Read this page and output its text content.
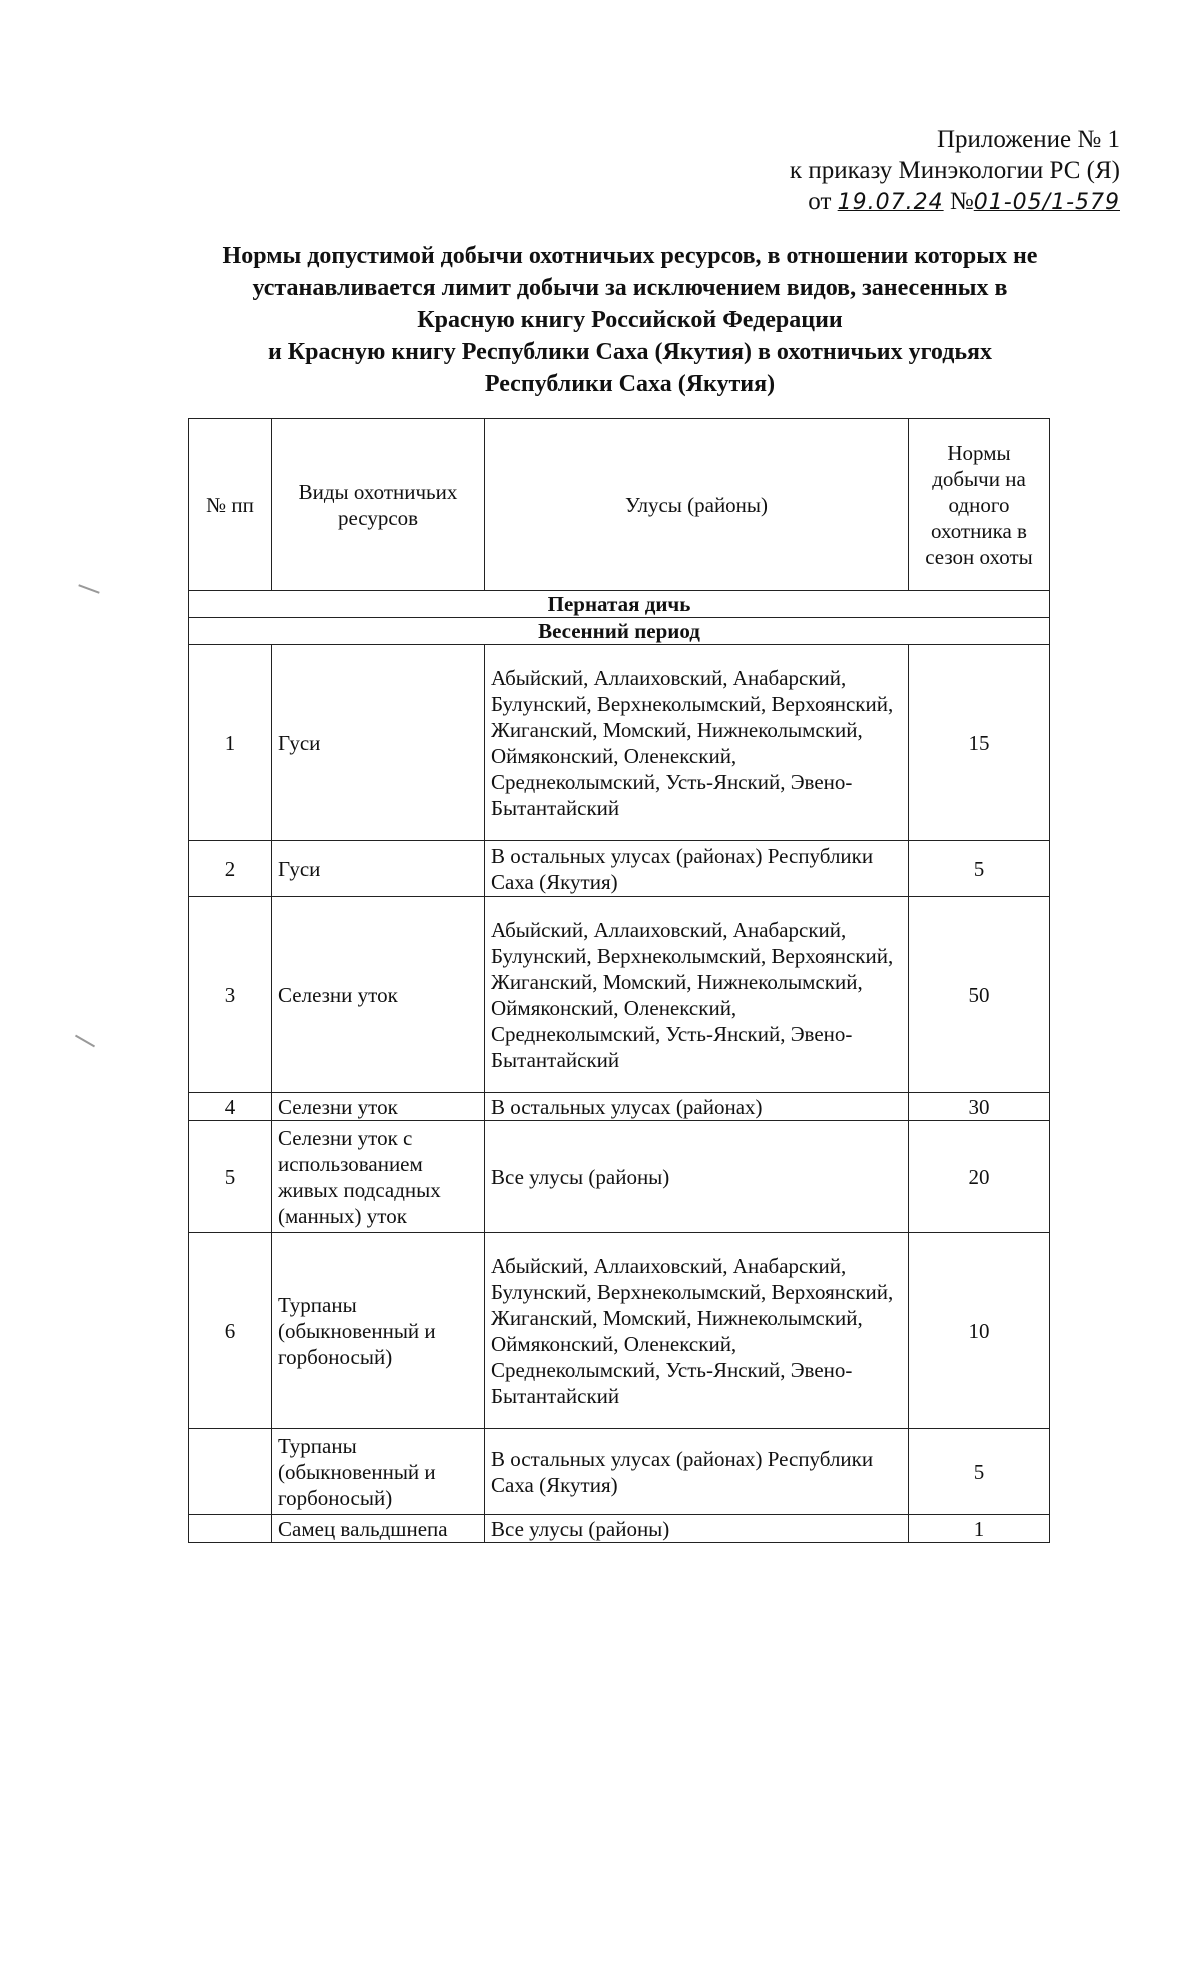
Приложение № 1
к приказу Минэкологии РС (Я)
от 19.07.24 №01-05/1-579
Нормы допустимой добычи охотничьих ресурсов, в отношении которых не
устанавливается лимит добычи за исключением видов, занесенных в
Красную книгу Российской Федерации
и Красную книгу Республики Саха (Якутия) в охотничьих угодьях
Республики Саха (Якутия)
№ пп	Виды охотничьих ресурсов	Улусы (районы)	Нормы добычи на одного охотника в сезон охоты
Пернатая дичь			
Весенний период			
1	Гуси	Абыйский, Аллаиховский, Анабарский, Булунский, Верхнеколымский, Верхоянский, Жиганский, Момский, Нижнеколымский, Оймяконский, Оленекский, Среднеколымский, Усть-Янский, Эвено-Бытантайский	15
2	Гуси	В остальных улусах (районах) Республики Саха (Якутия)	5
3	Селезни уток	Абыйский, Аллаиховский, Анабарский, Булунский, Верхнеколымский, Верхоянский, Жиганский, Момский, Нижнеколымский, Оймяконский, Оленекский, Среднеколымский, Усть-Янский, Эвено-Бытантайский	50
4	Селезни уток	В остальных улусах (районах)	30
5	Селезни уток с использованием живых подсадных (манных) уток	Все улусы (районы)	20
6	Турпаны (обыкновенный и горбоносый)	Абыйский, Аллаиховский, Анабарский, Булунский, Верхнеколымский, Верхоянский, Жиганский, Момский, Нижнеколымский, Оймяконский, Оленекский, Среднеколымский, Усть-Янский, Эвено-Бытантайский	10
	Турпаны (обыкновенный и горбоносый)	В остальных улусах (районах) Республики Саха (Якутия)	5
	Самец вальдшнепа	Все улусы (районы)	1
